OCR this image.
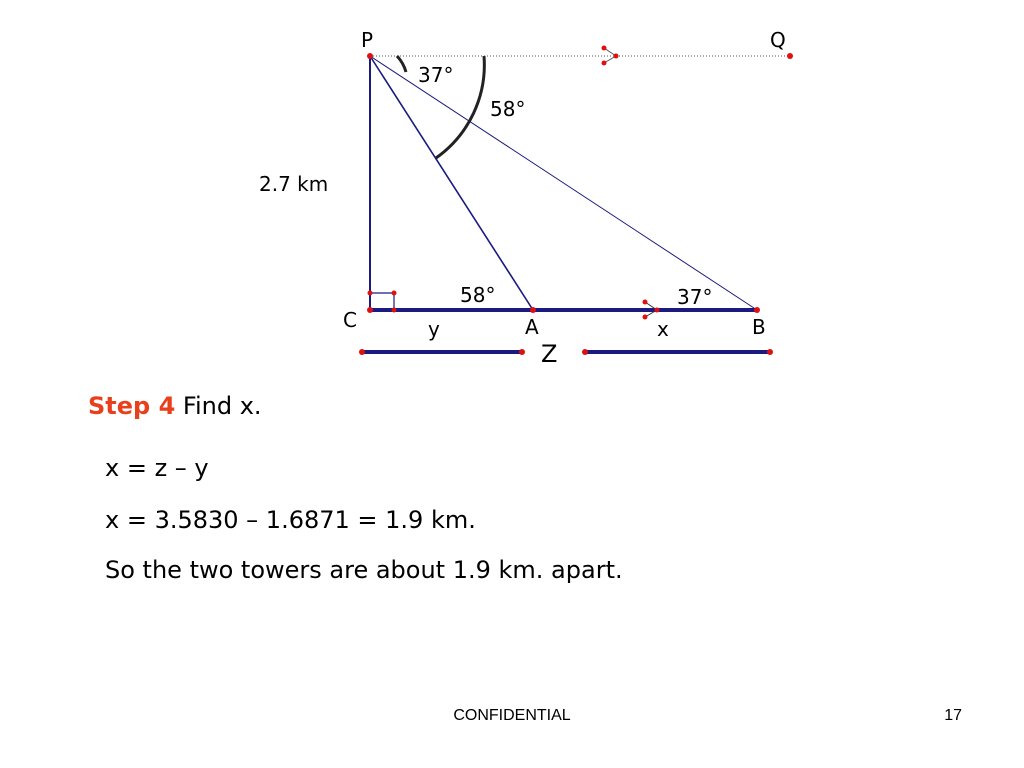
P	Q
37°
58°
2.7 km
58°	37°
C	A	B
y	x
Z
Step 4 Find x.
x = z – y
x = 3.5830 – 1.6871 = 1.9 km.
So the two towers are about 1.9 km. apart.
CONFIDENTIAL	17
